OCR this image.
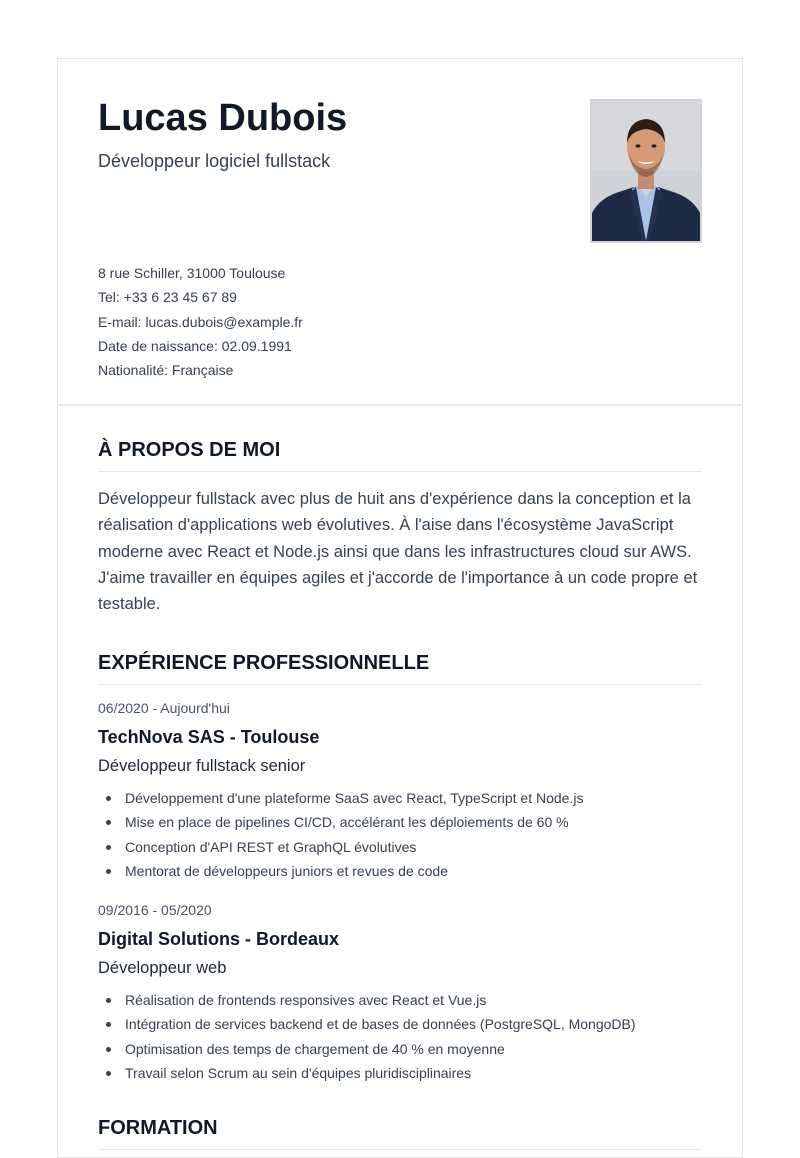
Lucas Dubois
Développeur logiciel fullstack
8 rue Schiller, 31000 Toulouse
Tel: +33 6 23 45 67 89
E-mail: lucas.dubois@example.fr
Date de naissance: 02.09.1991
Nationalité: Française
À PROPOS DE MOI

Développeur fullstack avec plus de huit ans d'expérience dans la conception et la réalisation d'applications web évolutives. À l'aise dans l'écosystème JavaScript moderne avec React et Node.js ainsi que dans les infrastructures cloud sur AWS. J'aime travailler en équipes agiles et j'accorde de l'importance à un code propre et testable.

EXPÉRIENCE PROFESSIONNELLE
06/2020 - Aujourd'hui
TechNova SAS - Toulouse
Développeur fullstack senior
Développement d'une plateforme SaaS avec React, TypeScript et Node.js
Mise en place de pipelines CI/CD, accélérant les déploiements de 60 %
Conception d'API REST et GraphQL évolutives
Mentorat de développeurs juniors et revues de code
09/2016 - 05/2020
Digital Solutions - Bordeaux
Développeur web
Réalisation de frontends responsives avec React et Vue.js
Intégration de services backend et de bases de données (PostgreSQL, MongoDB)
Optimisation des temps de chargement de 40 % en moyenne
Travail selon Scrum au sein d'équipes pluridisciplinaires
FORMATION
